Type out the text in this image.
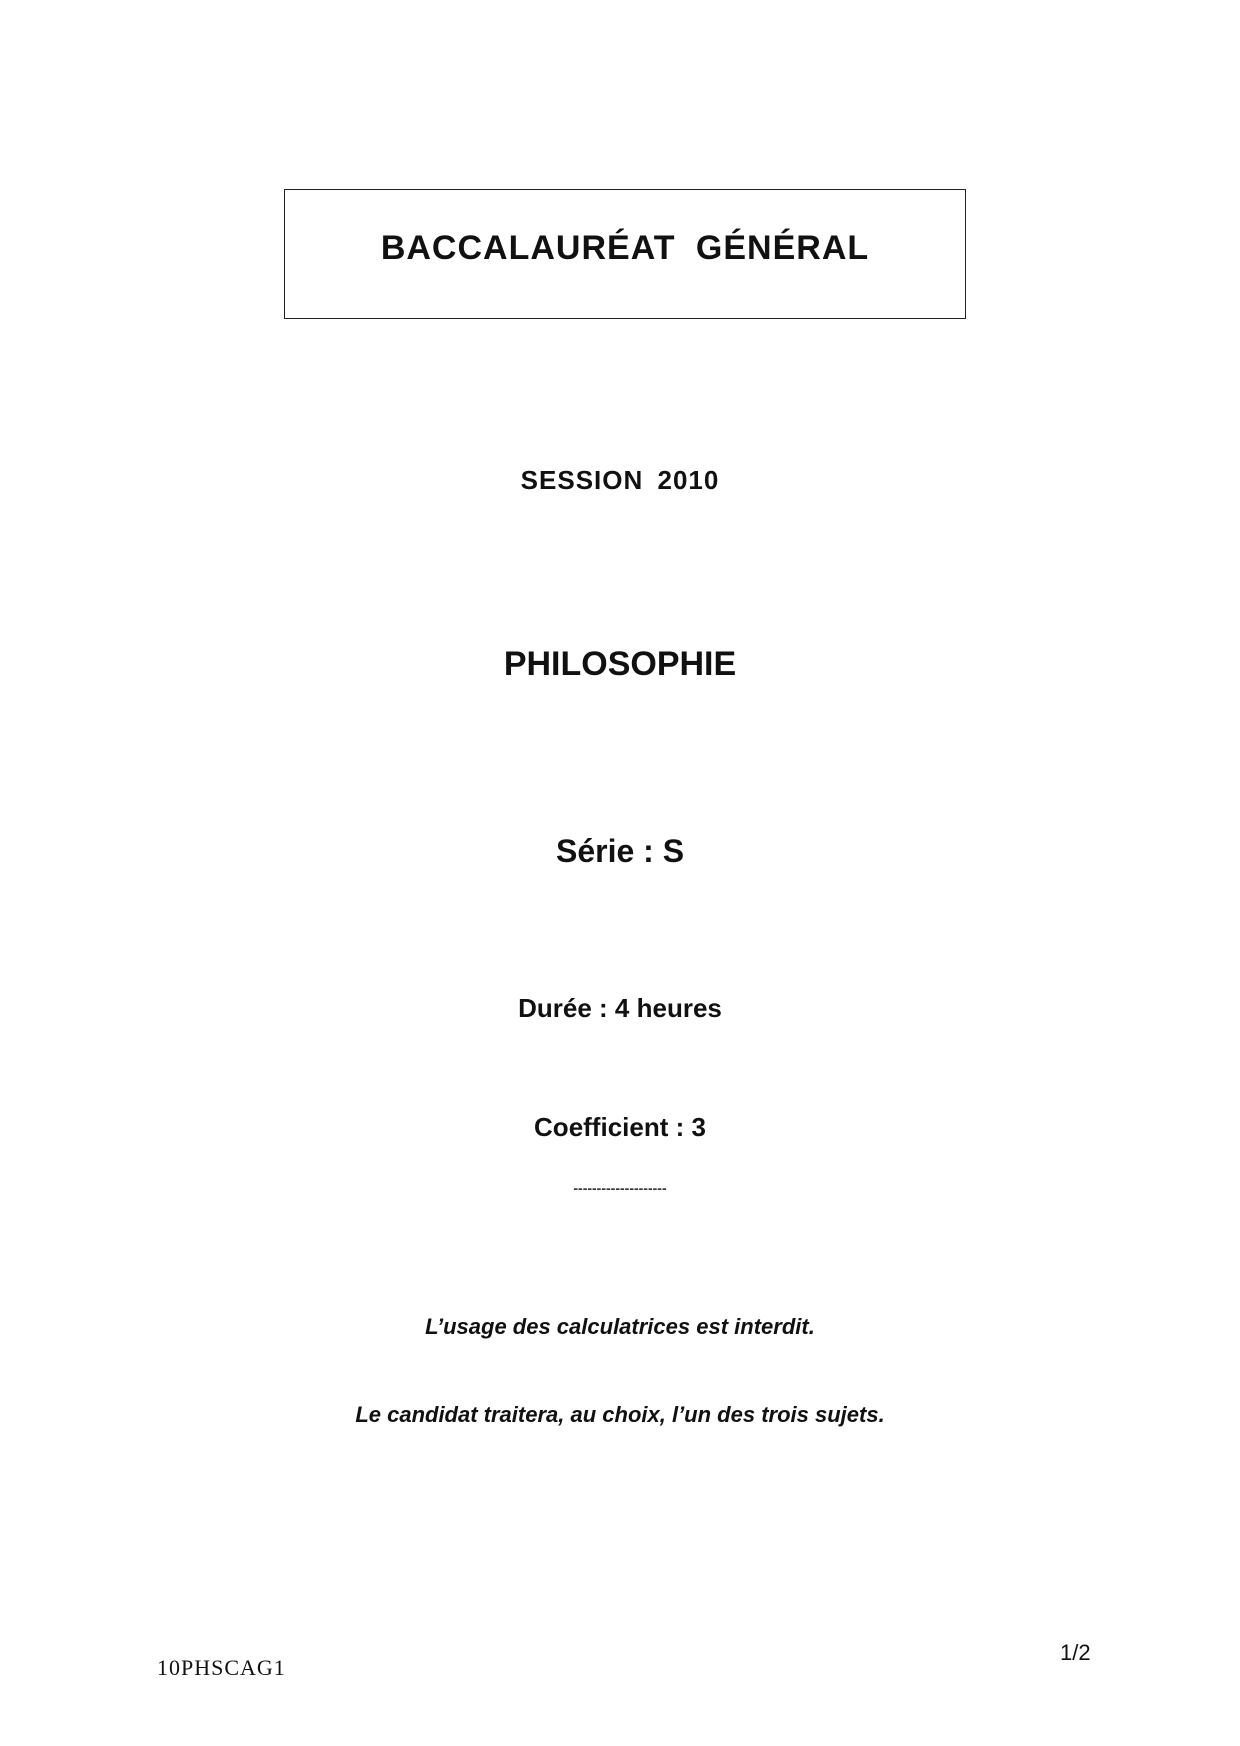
BACCALAURÉAT GÉNÉRAL
SESSION 2010
PHILOSOPHIE
Série : S
Durée : 4 heures
Coefficient : 3
--------------------
L’usage des calculatrices est interdit.
Le candidat traitera, au choix, l’un des trois sujets.
1/2
10PHSCAG1
